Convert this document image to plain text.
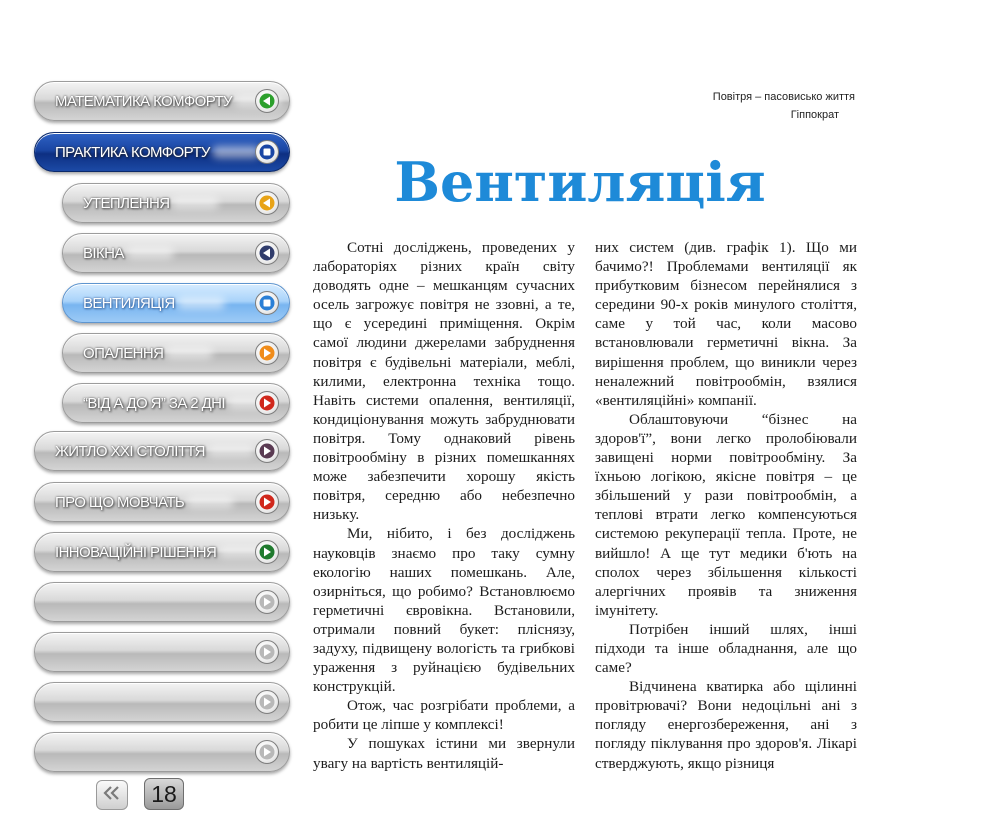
МАТЕМАТИКА КОМФОРТУ
ПРАКТИКА КОМФОРТУ
УТЕПЛЕННЯ
ВІКНА
ВЕНТИЛЯЦІЯ
ОПАЛЕННЯ
“ВІД А ДО Я” ЗА 2 ДНІ
ЖИТЛО ХХІ СТОЛІТТЯ
ПРО ЩО МОВЧАТЬ
ІННОВАЦІЙНІ РІШЕННЯ
18
Повітря – пасовисько життя
Гіппократ
Вентиляція

Сотні досліджень, проведених у лабораторіях різних країн світу доводять одне – мешканцям сучасних осель загрожує повітря не ззовні, а те, що є усередині приміщення. Окрім самої людини джерелами забруднення повітря є будівельні матеріали, меблі, килими, електронна техніка тощо. Навіть системи опалення, вентиляції, кондиціонування можуть забруднювати повітря. Тому однаковий рівень повітрообміну в різних помешканнях може забезпечити хорошу якість повітря, середню або небезпечно низьку.

Ми, нібито, і без досліджень науковців знаємо про таку сумну екологію наших помешкань. Але, озирніться, що робимо? Встановлюємо герметичні євровікна. Встановили, отримали повний букет: пліснязу, задуху, підвищену вологість та грибкові ураження з руйнацією будівельних конструкцій.

Отож, час розгрібати проблеми, а робити це ліпше у комплексі!

У пошуках істини ми звернули увагу на вартість вентиляцій-

них систем (див. графік 1). Що ми бачимо?! Проблемами вентиляції як прибутковим бізнесом перейнялися з середини 90-х років минулого століття, саме у той час, коли масово встановлювали герметичні вікна. За вирішення проблем, що виникли через неналежний повітрообмін, взялися «вентиляційні» компанії.

Облаштовуючи “бізнес на здоров'ї”, вони легко пролобіювали завищені норми повітрообміну. За їхньою логікою, якісне повітря – це збільшений у рази повітрообмін, а теплові втрати легко компенсуються системою рекуперації тепла. Проте, не вийшло! А ще тут медики б'ють на сполох через збільшення кількості алергічних проявів та зниження імунітету.

Потрібен інший шлях, інші підходи та інше обладнання, але що саме?

Відчинена кватирка або щілинні провітрювачі? Вони недоцільні ані з погляду енергозбереження, ані з погляду піклування про здоров'я. Лікарі стверджують, якщо різниця
